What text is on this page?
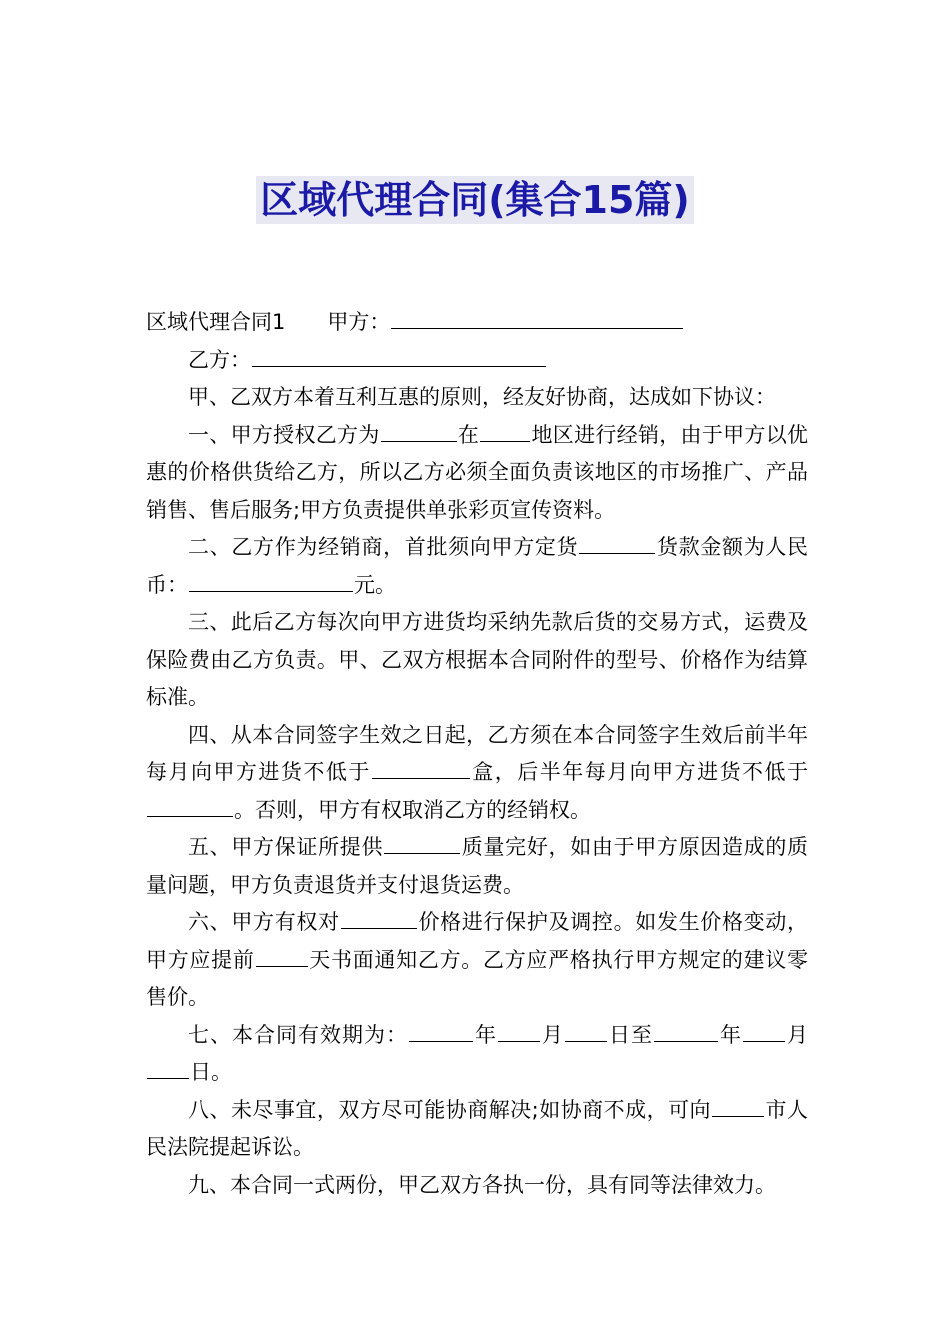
区域代理合同(集合15篇)

区域代理合同1 甲方：

乙方：

甲、乙双方本着互利互惠的原则，经友好协商，达成如下协议：

一、甲方授权乙方为	在 地区进行经销，由于甲方以优惠的价格供货给乙方，所以乙方必须全面负责该地区的市场推广、产品销售、售后服务;甲方负责提供单张彩页宣传资料。

二、乙方作为经销商，首批须向甲方定货	货款金额为人民币：	元。

三、此后乙方每次向甲方进货均采纳先款后货的交易方式，运费及保险费由乙方负责。甲、乙双方根据本合同附件的型号、价格作为结算标准。

四、从本合同签字生效之日起，乙方须在本合同签字生效后前半年每月向甲方进货不低于	盒，后半年每月向甲方进货不低于。否则，甲方有权取消乙方的经销权。

五、甲方保证所提供	质量完好，如由于甲方原因造成的质量问题，甲方负责退货并支付退货运费。

六、甲方有权对	价格进行保护及调控。如发生价格变动，甲方应提前	天书面通知乙方。乙方应严格执行甲方规定的建议零售价。

七、本合同有效期为：	年 月 日至	年 月日。

八、未尽事宜，双方尽可能协商解决;如协商不成，可向	市人民法院提起诉讼。

九、本合同一式两份，甲乙双方各执一份，具有同等法律效力。
